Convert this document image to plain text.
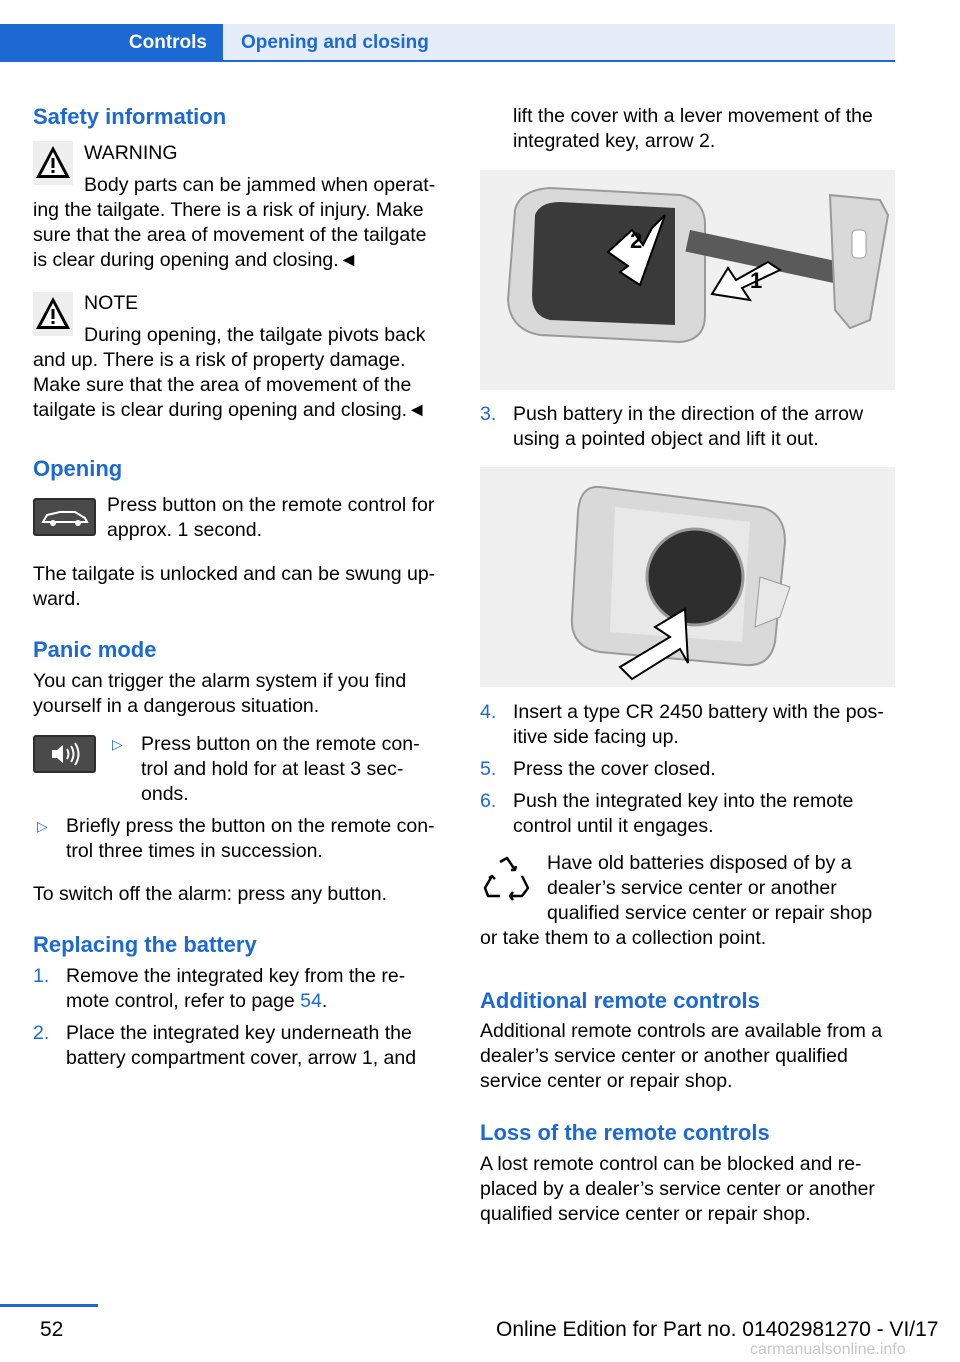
Controls	Opening and closing
Safety information
WARNING
Body parts can be jammed when operat-
ing the tailgate. There is a risk of injury. Make
sure that the area of movement of the tailgate
is clear during opening and closing.◄
NOTE
During opening, the tailgate pivots back
and up. There is a risk of property damage.
Make sure that the area of movement of the
tailgate is clear during opening and closing.◄
Opening
Press button on the remote control for
approx. 1 second.
The tailgate is unlocked and can be swung up-
ward.
Panic mode
You can trigger the alarm system if you find
yourself in a dangerous situation.
▷ Press button on the remote con-
trol and hold for at least 3 sec-
onds.
▷ Briefly press the button on the remote con-
trol three times in succession.
To switch off the alarm: press any button.
Replacing the battery
1. Remove the integrated key from the re-
mote control, refer to page 54.
2. Place the integrated key underneath the
battery compartment cover, arrow 1, and
lift the cover with a lever movement of the
integrated key, arrow 2.
2
1
3. Push battery in the direction of the arrow
using a pointed object and lift it out.
4. Insert a type CR 2450 battery with the pos-
itive side facing up.
5. Press the cover closed.
6. Push the integrated key into the remote
control until it engages.
Have old batteries disposed of by a
dealer’s service center or another
qualified service center or repair shop
or take them to a collection point.
Additional remote controls
Additional remote controls are available from a
dealer’s service center or another qualified
service center or repair shop.
Loss of the remote controls
A lost remote control can be blocked and re-
placed by a dealer’s service center or another
qualified service center or repair shop.
52	Online Edition for Part no. 01402981270 - VI/17
carmanualsonline.info
